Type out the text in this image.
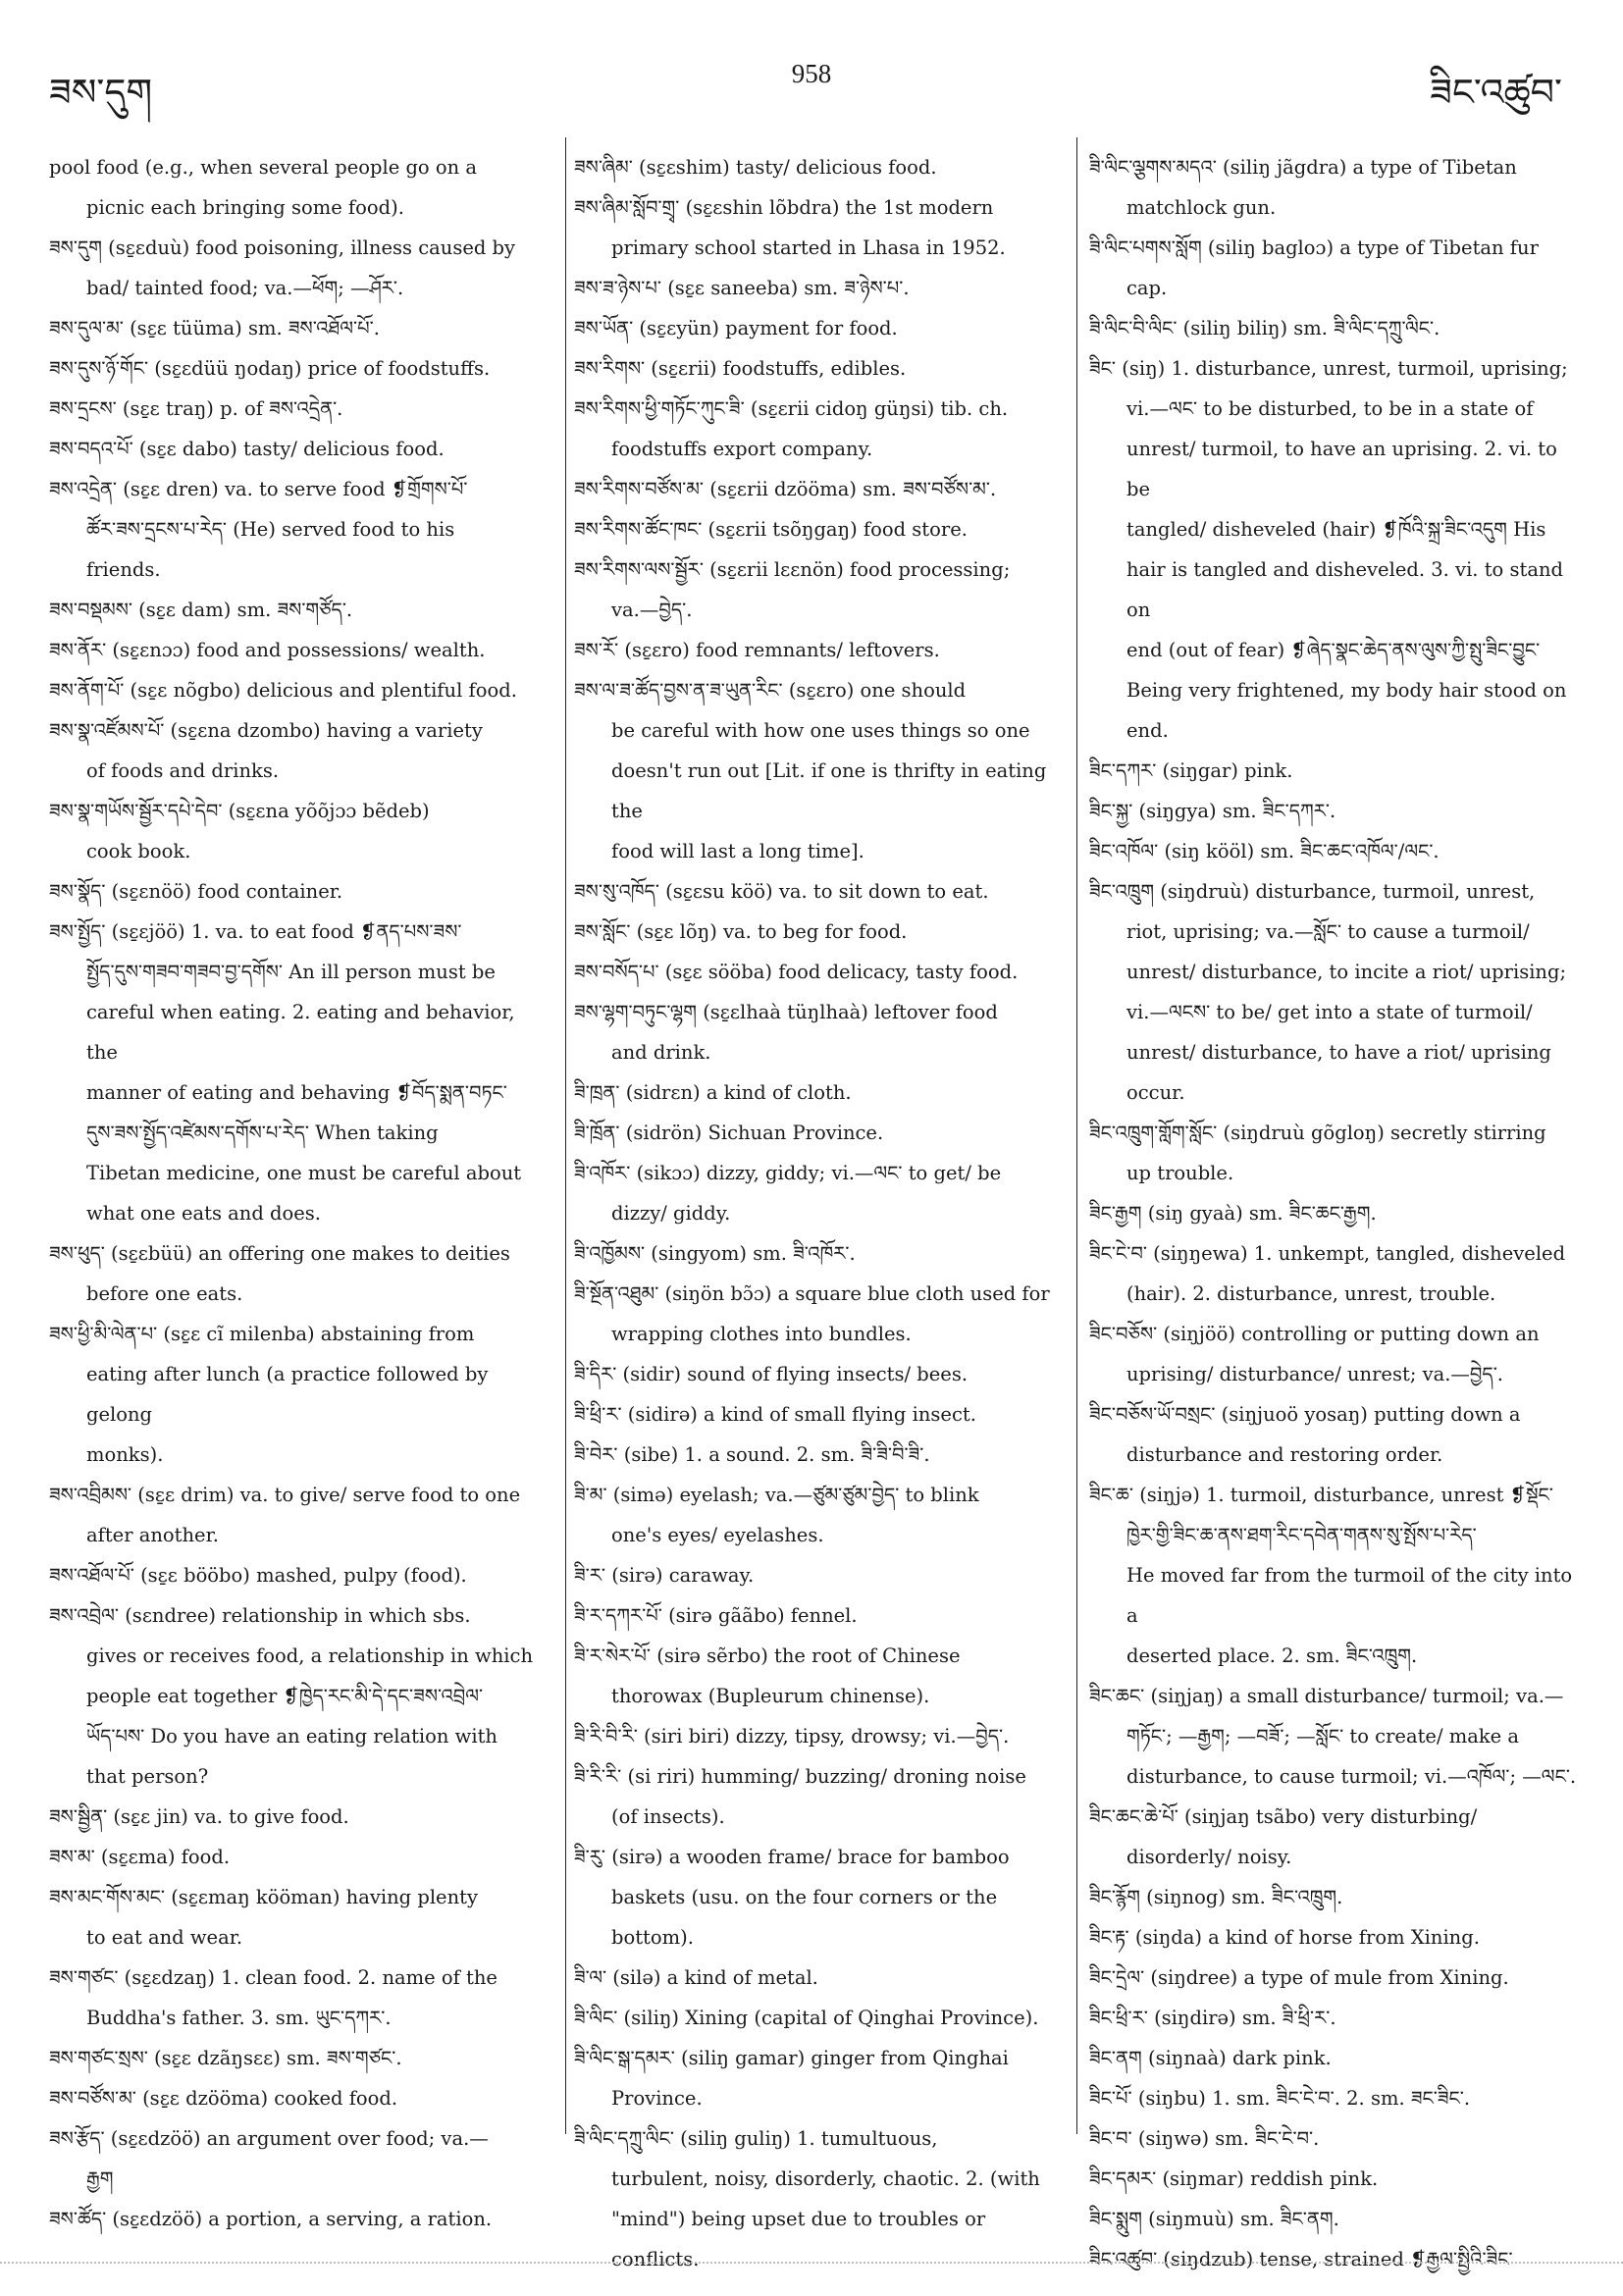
ཟས་དུག	958	ཟིང་འཚུབ་

pool food (e.g., when several people go on a
picnic each bringing some food).

ཟས་དུག (sɛ̱ɛduù) food poisoning, illness caused by
bad/ tainted food; va.—ཕོག; —ཤོར་.

ཟས་དུལ་མ་ (sɛ̱ɛ tüüma) sm. ཟས་འཐོལ་པོ་.

ཟས་དུས་ཉོ་གོང་ (sɛ̱ɛdüü ŋodaŋ) price of foodstuffs.

ཟས་དྲངས་ (sɛ̱ɛ traŋ) p. of ཟས་འདྲེན་.

ཟས་བདའ་པོ་ (sɛ̱ɛ dabo) tasty/ delicious food.

ཟས་འདྲེན་ (sɛ̱ɛ dren) va. to serve food ❡གྲོགས་པོ་
ཚོར་ཟས་དྲངས་པ་རེད་ (He) served food to his
friends.

ཟས་བསྡམས་ (sɛ̱ɛ dam) sm. ཟས་གཙོད་.

ཟས་ནོར་ (sɛ̱ɛnɔɔ) food and possessions/ wealth.

ཟས་ནོག་པོ་ (sɛ̱ɛ nõgbo) delicious and plentiful food.

ཟས་སྣ་འཛོམས་པོ་ (sɛ̱ɛna dzombo) having a variety
of foods and drinks.

ཟས་སྣ་གཡོས་སྦྱོར་དཔེ་དེབ་ (sɛ̱ɛna yõõjɔɔ bẽdeb)
cook book.

ཟས་སྣོད་ (sɛ̱ɛnöö) food container.

ཟས་སྤྱོད་ (sɛ̱ɛjöö) 1. va. to eat food ❡ནད་པས་ཟས་
སྤྱོད་དུས་གཟབ་གཟབ་བྱ་དགོས་ An ill person must be
careful when eating. 2. eating and behavior, the
manner of eating and behaving ❡བོད་སྨན་བཏང་
དུས་ཟས་སྤྱོད་འཛེམས་དགོས་པ་རེད་ When taking
Tibetan medicine, one must be careful about
what one eats and does.

ཟས་ཕུད་ (sɛ̱ɛbüü) an offering one makes to deities
before one eats.

ཟས་ཕྱི་མི་ལེན་པ་ (sɛ̱ɛ cĩ milenba) abstaining from
eating after lunch (a practice followed by gelong
monks).

ཟས་འབྲིམས་ (sɛ̱ɛ drim) va. to give/ serve food to one
after another.

ཟས་འཐོལ་པོ་ (sɛ̱ɛ bööbo) mashed, pulpy (food).

ཟས་འབྲེལ་ (sɛndree) relationship in which sbs.
gives or receives food, a relationship in which
people eat together ❡ཁྱེད་རང་མི་དེ་དང་ཟས་འབྲེལ་
ཡོད་པས་ Do you have an eating relation with
that person?

ཟས་སྦྱིན་ (sɛ̱ɛ jin) va. to give food.

ཟས་མ་ (sɛ̱ɛma) food.

ཟས་མང་གོས་མང་ (sɛ̱ɛmaŋ kööman) having plenty
to eat and wear.

ཟས་གཙང་ (sɛ̱ɛdzaŋ) 1. clean food. 2. name of the
Buddha's father. 3. sm. ཡུང་དཀར་.

ཟས་གཙང་སྲས་ (sɛ̱ɛ dzãŋsɛɛ) sm. ཟས་གཙང་.

ཟས་བཙོས་མ་ (sɛ̱ɛ dzööma) cooked food.

ཟས་རྩོད་ (sɛ̱ɛdzöö) an argument over food; va.—
རྒྱག

ཟས་ཚོད་ (sɛ̱ɛdzöö) a portion, a serving, a ration.

ཟས་ཞིམ་ (sɛ̱ɛshim) tasty/ delicious food.

ཟས་ཞིམ་སློབ་གྲྭ་ (sɛ̱ɛshin lõbdra) the 1st modern
primary school started in Lhasa in 1952.

ཟས་ཟ་ཉེས་པ་ (sɛ̱ɛ saneeba) sm. ཟ་ཉེས་པ་.

ཟས་ཡོན་ (sɛ̱ɛyün) payment for food.

ཟས་རིགས་ (sɛ̱ɛrii) foodstuffs, edibles.

ཟས་རིགས་ཕྱི་གཏོང་ཀུང་ཟི་ (sɛ̱ɛrii cidoŋ güŋsi) tib. ch.
foodstuffs export company.

ཟས་རིགས་བཙོས་མ་ (sɛ̱ɛrii dzööma) sm. ཟས་བཙོས་མ་.

ཟས་རིགས་ཚོང་ཁང་ (sɛ̱ɛrii tsõŋgaŋ) food store.

ཟས་རིགས་ལས་སྦྱོར་ (sɛ̱ɛrii lɛɛnön) food processing;
va.—བྱེད་.

ཟས་རོ་ (sɛ̱ɛro) food remnants/ leftovers.

ཟས་ལ་ཟ་ཚོད་བྱས་ན་ཟ་ཡུན་རིང་ (sɛ̱ɛro) one should
be careful with how one uses things so one
doesn't run out [Lit. if one is thrifty in eating the
food will last a long time].

ཟས་སུ་འཁོད་ (sɛ̱ɛsu köö) va. to sit down to eat.

ཟས་སློང་ (sɛ̱ɛ lõŋ) va. to beg for food.

ཟས་བསོད་པ་ (sɛ̱ɛ sööba) food delicacy, tasty food.

ཟས་ལྷག་བཏུང་ལྷག (sɛ̱ɛlhaà tüŋlhaà) leftover food
and drink.

ཟི་ཁྲན་ (sidrɛn) a kind of cloth.

ཟི་ཁྲོན་ (sidrön) Sichuan Province.

ཟི་འཁོར་ (sikɔɔ) dizzy, giddy; vi.—ལང་ to get/ be
dizzy/ giddy.

ཟི་འཁྱོམས་ (singyom) sm. ཟི་འཁོར་.

ཟི་སྔོན་འཐུམ་ (siŋön bɔ̃ɔ) a square blue cloth used for
wrapping clothes into bundles.

ཟི་དིར་ (sidir) sound of flying insects/ bees.

ཟི་ཕྲི་ར་ (sidirə) a kind of small flying insect.

ཟི་བེར་ (sibe) 1. a sound. 2. sm. ཟི་ཟི་བི་ཟི་.

ཟི་མ་ (simə) eyelash; va.—ཙུམ་ཙུམ་བྱེད་ to blink
one's eyes/ eyelashes.

ཟི་ར་ (sirə) caraway.

ཟི་ར་དཀར་པོ་ (sirə gããbo) fennel.

ཟི་ར་སེར་པོ་ (sirə sẽrbo) the root of Chinese
thorowax (Bupleurum chinense).

ཟི་རི་བི་རི་ (siri biri) dizzy, tipsy, drowsy; vi.—བྱེད་.

ཟི་རི་རི་ (si riri) humming/ buzzing/ droning noise
(of insects).

ཟི་རུ་ (sirə) a wooden frame/ brace for bamboo
baskets (usu. on the four corners or the bottom).

ཟི་ལ་ (silə) a kind of metal.

ཟི་ལིང་ (siliŋ) Xining (capital of Qinghai Province).

ཟི་ལིང་སྒ་དམར་ (siliŋ gamar) ginger from Qinghai
Province.

ཟི་ལིང་དཀྲུ་ལིང་ (siliŋ guliŋ) 1. tumultuous,
turbulent, noisy, disorderly, chaotic. 2. (with
"mind") being upset due to troubles or conflicts.

ཟི་ལིང་ལྕགས་མདའ་ (siliŋ jãgdra) a type of Tibetan
matchlock gun.

ཟི་ལིང་པགས་སློག (siliŋ bagloɔ) a type of Tibetan fur
cap.

ཟི་ལིང་བི་ལིང་ (siliŋ biliŋ) sm. ཟི་ལིང་དཀྲུ་ལིང་.

ཟིང་ (siŋ) 1. disturbance, unrest, turmoil, uprising;
vi.—ལང་ to be disturbed, to be in a state of
unrest/ turmoil, to have an uprising. 2. vi. to be
tangled/ disheveled (hair) ❡ཁོའི་སྐྲ་ཟིང་འདུག His
hair is tangled and disheveled. 3. vi. to stand on
end (out of fear) ❡ཞེད་སྣང་ཆེད་ནས་ལུས་ཀྱི་སྤུ་ཟིང་བྱུང་
Being very frightened, my body hair stood on
end.

ཟིང་དཀར་ (siŋgar) pink.

ཟིང་སྐྱ་ (siŋgya) sm. ཟིང་དཀར་.

ཟིང་འཁོལ་ (siŋ kööl) sm. ཟིང་ཆང་འཁོལ་/ལང་.

ཟིང་འཁྲུག (siŋdruù) disturbance, turmoil, unrest,
riot, uprising; va.—སློང་ to cause a turmoil/
unrest/ disturbance, to incite a riot/ uprising;
vi.—ལངས་ to be/ get into a state of turmoil/
unrest/ disturbance, to have a riot/ uprising
occur.

ཟིང་འཁྲུག་གློག་སློང་ (siŋdruù gõgloŋ) secretly stirring
up trouble.

ཟིང་རྒྱག (siŋ gyaà) sm. ཟིང་ཆང་རྒྱག.

ཟིང་ངེ་བ་ (siŋŋewa) 1. unkempt, tangled, disheveled
(hair). 2. disturbance, unrest, trouble.

ཟིང་བཅོས་ (siŋjöö) controlling or putting down an
uprising/ disturbance/ unrest; va.—བྱེད་.

ཟིང་བཅོས་ཡོ་བསྲང་ (siŋjuoö yosaŋ) putting down a
disturbance and restoring order.

ཟིང་ཆ་ (siŋjə) 1. turmoil, disturbance, unrest ❡སྡོང་
ཁྱེར་གྱི་ཟིང་ཆ་ནས་ཐག་རིང་དབེན་གནས་སུ་སྤོས་པ་རེད་
He moved far from the turmoil of the city into a
deserted place. 2. sm. ཟིང་འཁྲུག.

ཟིང་ཆང་ (siŋjaŋ) a small disturbance/ turmoil; va.—
གཏོང་; —རྒྱག; —བཟོ་; —སློང་ to create/ make a
disturbance, to cause turmoil; vi.—འཁོལ་; —ལང་.

ཟིང་ཆང་ཆེ་པོ་ (siŋjaŋ tsãbo) very disturbing/
disorderly/ noisy.

ཟིང་རྙོག (siŋnog) sm. ཟིང་འཁྲུག.

ཟིང་རྟ་ (siŋda) a kind of horse from Xining.

ཟིང་དྲེལ་ (siŋdree) a type of mule from Xining.

ཟིང་ཕྲི་ར་ (siŋdirə) sm. ཟི་ཕྲི་ར་.

ཟིང་ནག (siŋnaà) dark pink.

ཟིང་པོ་ (siŋbu) 1. sm. ཟིང་ངེ་བ་. 2. sm. ཟང་ཟིང་.

ཟིང་བ་ (siŋwə) sm. ཟིང་ངེ་བ་.

ཟིང་དམར་ (siŋmar) reddish pink.

ཟིང་སྨུག (siŋmuù) sm. ཟིང་ནག.

ཟིང་འཚུབ་ (siŋdzub) tense, strained ❡རྒྱལ་སྤྱིའི་ཟིང་
